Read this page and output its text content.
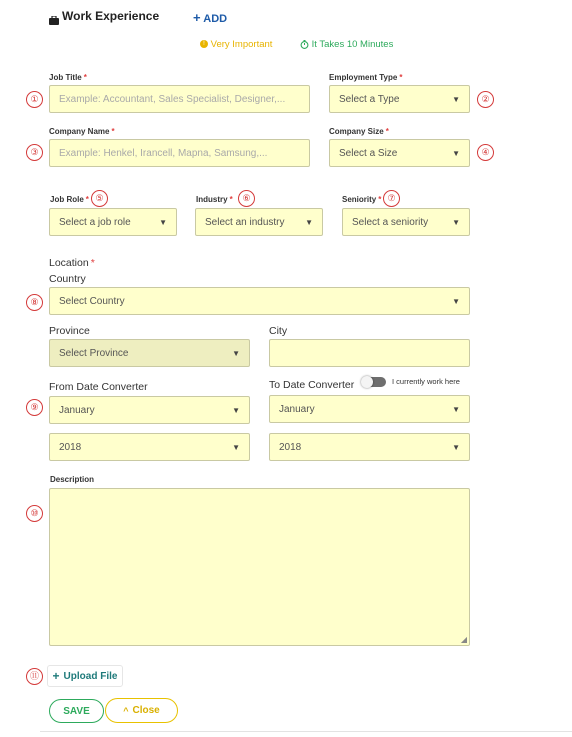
Work Experience	+ ADD
! Very Important	It Takes 10 Minutes
Job Title *
①	Example: Accountant, Sales Specialist, Designer,...
Employment Type *
Select a Type	▼	②
Company Name *
③	Example: Henkel, Irancell, Mapna, Samsung,...
Company Size *
Select a Size	▼	④
Job Role * ⑤
Select a job role	▼
Industry *	⑥
Select an industry	▼
Seniority * ⑦
Select a seniority	▼
Location *
Country
⑧	Select Country	▼
Province
Select Province	▼
City
From Date Converter	To Date Converter	I currently work here
⑨	January	▼	January	▼
2018	▼	2018	▼
Description
⑩
◢
⑪	+ Upload File
SAVE	^ Close
